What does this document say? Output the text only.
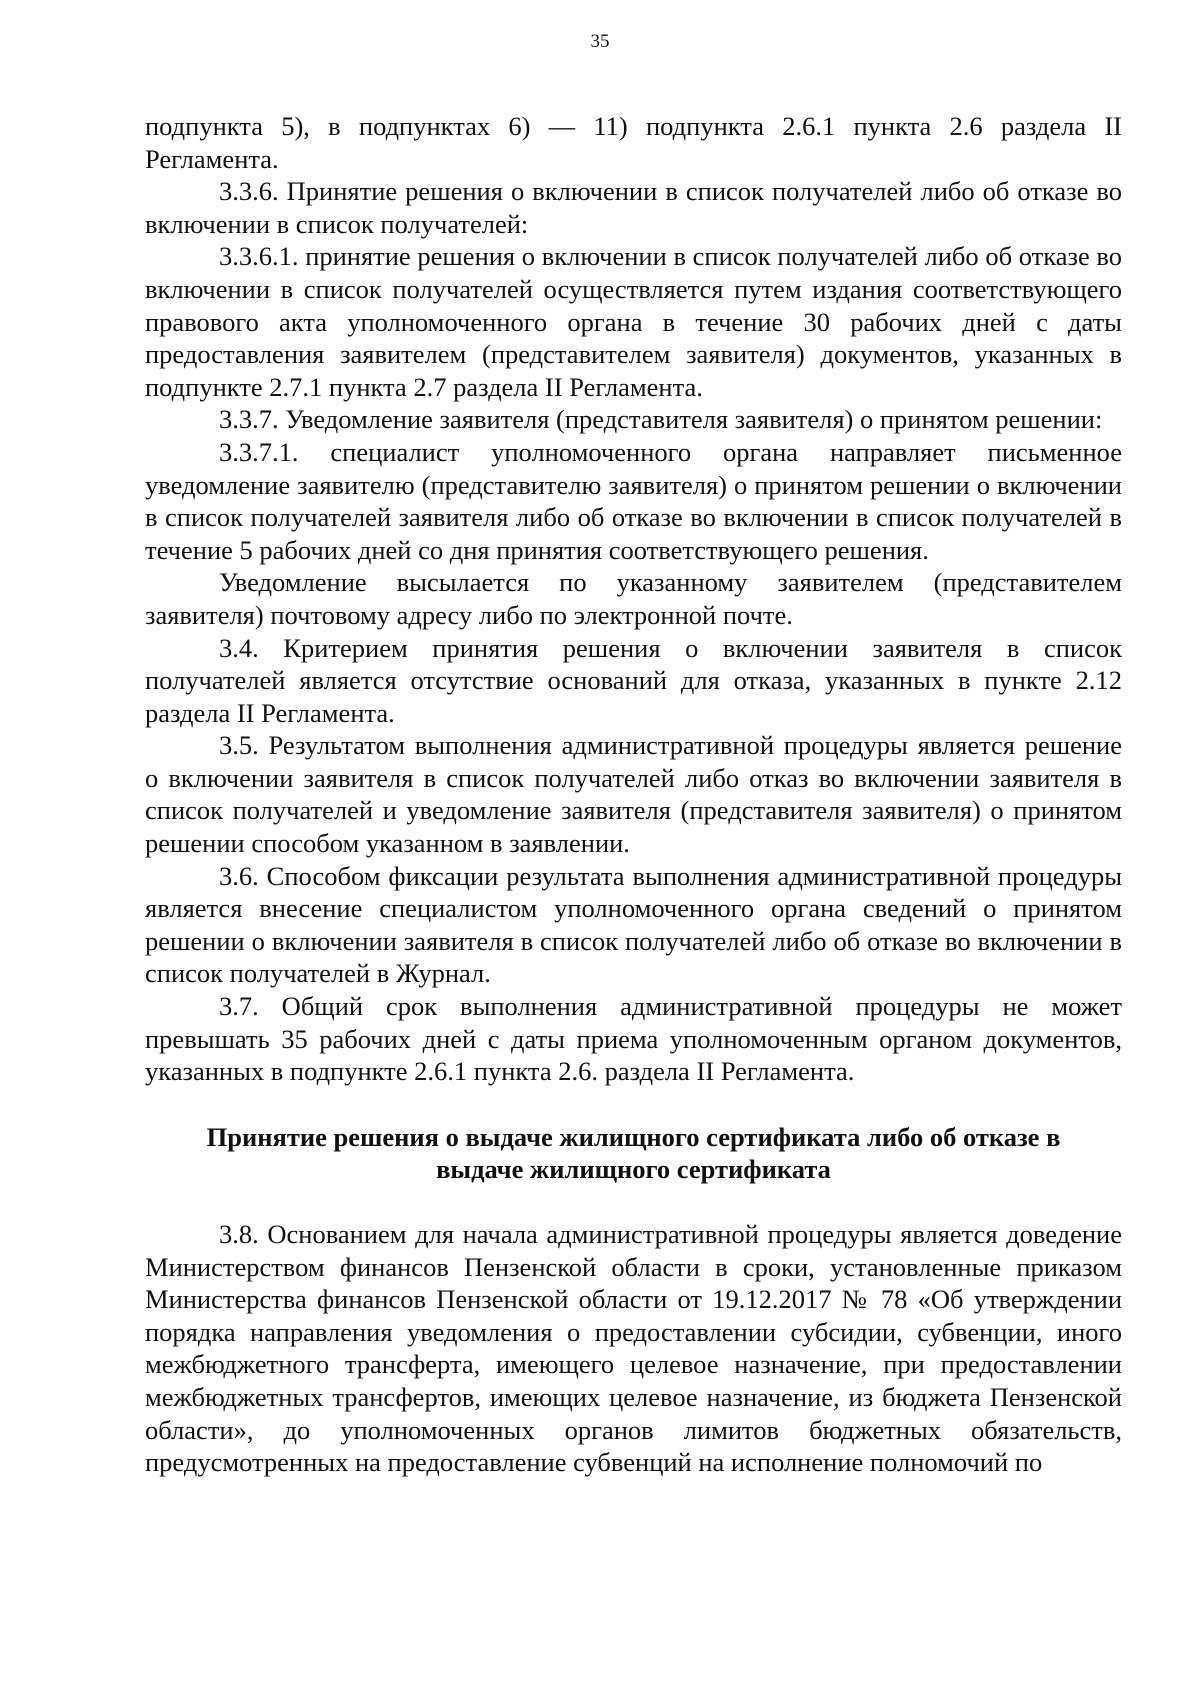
35

подпункта 5), в подпунктах 6) — 11) подпункта 2.6.1 пункта 2.6 раздела II Регламента.

3.3.6. Принятие решения о включении в список получателей либо об отказе во включении в список получателей:

3.3.6.1. принятие решения о включении в список получателей либо об отказе во включении в список получателей осуществляется путем издания соответствующего правового акта уполномоченного органа в течение 30 рабочих дней с даты предоставления заявителем (представителем заявителя) документов, указанных в подпункте 2.7.1 пункта 2.7 раздела II Регламента.

3.3.7. Уведомление заявителя (представителя заявителя) о принятом решении:

3.3.7.1. специалист уполномоченного органа направляет письменное уведомление заявителю (представителю заявителя) о принятом решении о включении в список получателей заявителя либо об отказе во включении в список получателей в течение 5 рабочих дней со дня принятия соответствующего решения.

Уведомление высылается по указанному заявителем (представителем заявителя) почтовому адресу либо по электронной почте.

3.4. Критерием принятия решения о включении заявителя в список получателей является отсутствие оснований для отказа, указанных в пункте 2.12 раздела II Регламента.

3.5. Результатом выполнения административной процедуры является решение о включении заявителя в список получателей либо отказ во включении заявителя в список получателей и уведомление заявителя (представителя заявителя) о принятом решении способом указанном в заявлении.

3.6. Способом фиксации результата выполнения административной процедуры является внесение специалистом уполномоченного органа сведений о принятом решении о включении заявителя в список получателей либо об отказе во включении в список получателей в Журнал.

3.7. Общий срок выполнения административной процедуры не может превышать 35 рабочих дней с даты приема уполномоченным органом документов, указанных в подпункте 2.6.1 пункта 2.6. раздела II Регламента.

Принятие решения о выдаче жилищного сертификата либо об отказе в выдаче жилищного сертификата

3.8. Основанием для начала административной процедуры является доведение Министерством финансов Пензенской области в сроки, установленные приказом Министерства финансов Пензенской области от 19.12.2017 № 78 «Об утверждении порядка направления уведомления о предоставлении субсидии, субвенции, иного межбюджетного трансферта, имеющего целевое назначение, при предоставлении межбюджетных трансфертов, имеющих целевое назначение, из бюджета Пензенской области», до уполномоченных органов лимитов бюджетных обязательств, предусмотренных на предоставление субвенций на исполнение полномочий по
